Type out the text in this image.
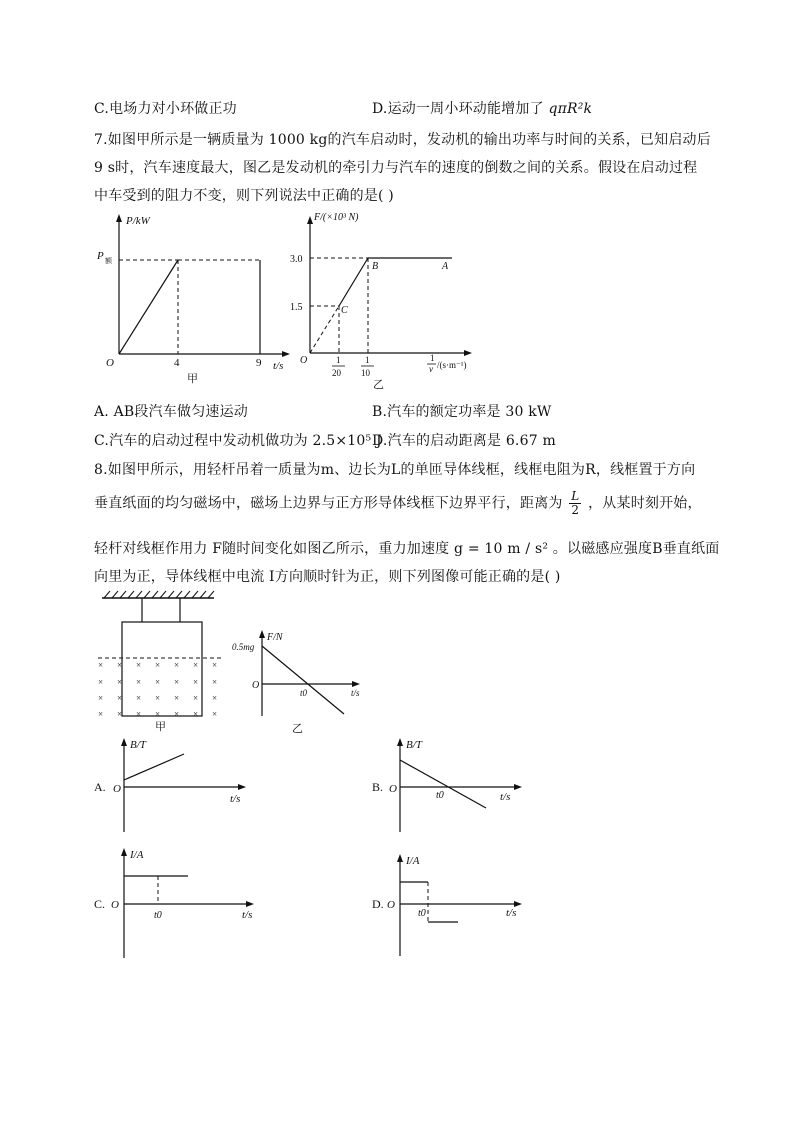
C.电场力对小环做正功	D.运动一周小环动能增加了 qπR²k
7.如图甲所示是一辆质量为 1000 kg的汽车启动时，发动机的输出功率与时间的关系，已知启动后
9 s时，汽车速度最大，图乙是发动机的牵引力与汽车的速度的倒数之间的关系。假设在启动过程
中车受到的阻力不变，则下列说法中正确的是( )
P/kW
P 额
O	4	9 t/s
甲
F/(×10³ N)
3.0
1.5
B	A
C
O	1
20
1
10
1
v /(s·m⁻¹)
乙
A. AB段汽车做匀速运动	B.汽车的额定功率是 30 kW
C.汽车的启动过程中发动机做功为 2.5×10⁵ J
D.汽车的启动距离是 6.67 m
8.如图甲所示，用轻杆吊着一质量为m、边长为L的单匝导体线框，线框电阻为R，线框置于方向
垂直纸面的均匀磁场中，磁场上边界与正方形导体线框下边界平行，距离为 $\frac{L}{2}$ ，从某时刻开始，
轻杆对线框作用力 F随时间变化如图乙所示，重力加速度 g = 10 m / s² 。以磁感应强度B垂直纸面
向里为正，导体线框中电流 I方向顺时针为正，则下列图像可能正确的是( )
× × × × × × ×
× × × × × × ×
× × × × × × ×
× × × × × × ×
甲
F/N
0.5mg
O
t0	t/s
乙
A.
B/T
O
t/s
B.
B/T
O
t0	t/s
C.
I/A
O
t0	t/s
D.
I/A
O
t0	t/s
